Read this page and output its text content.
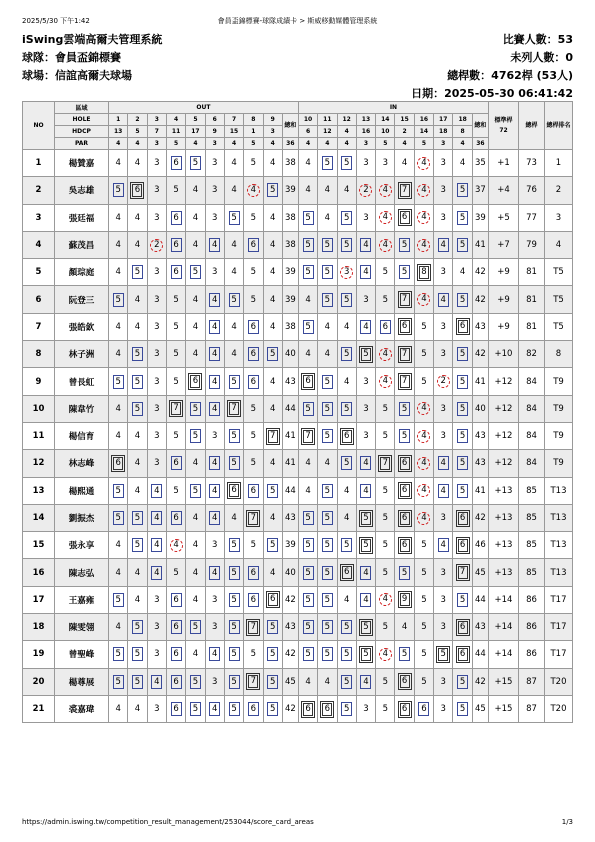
2025/5/30 下午1:42	會員盃錦標賽-球隊成績卡 > 斯威移動媒體管理系統
iSwing雲端高爾夫管理系統
球隊：會員盃錦標賽
球場：信誼高爾夫球場
比賽人數：53
未列人數：0
總桿數：4762桿 (53人)
日期：2025-05-30 06:41:42
NO	區域	OUT										IN										標準桿
72	總桿	總桿排名

	HOLE	1	2	3	4	5	6	7	8	9	總和	10	11	12	13	14	15	16	17	18	總和			

	HDCP	13	5	7	11	17	9	15	1	3		6	12	4	16	10	2	14	18	8				
	PAR	4	4	3	5	4	3	4	5	4	36	4	4	4	3	5	4	5	3	4	36			
1	楊贊嘉	4	4	3	6	5	3	4	5	4	38	4	5	5	3	3	4	4	3	4	35	+1	73	1
2	吳志雄	5	6	3	5	4	3	4	4	5	39	4	4	4	2	4	7	4	3	5	37	+4	76	2
3	張廷福	4	4	3	6	4	3	5	5	4	38	5	4	5	3	4	6	4	3	5	39	+5	77	3
4	蘇茂昌	4	4	2	6	4	4	4	6	4	38	5	5	5	4	4	5	4	4	5	41	+7	79	4
5	顏琮庭	4	5	3	6	5	3	4	5	4	39	5	5	3	4	5	5	8	3	4	42	+9	81	T5
6	阮登三	5	4	3	5	4	4	5	5	4	39	4	5	5	3	5	7	4	4	5	42	+9	81	T5
7	張皓欽	4	4	3	5	4	4	4	6	4	38	5	4	4	4	6	6	5	3	6	43	+9	81	T5
8	林子洲	4	5	3	5	4	4	4	6	5	40	4	4	5	5	4	7	5	3	5	42	+10	82	8
9	曾長虹	5	5	3	5	6	4	5	6	4	43	6	5	4	3	4	7	5	2	5	41	+12	84	T9
10	陳韋竹	4	5	3	7	5	4	7	5	4	44	5	5	5	3	5	5	4	3	5	40	+12	84	T9
11	楊信育	4	4	3	5	5	3	5	5	7	41	7	5	6	3	5	5	4	3	5	43	+12	84	T9
12	林志峰	6	4	3	6	4	4	5	5	4	41	4	4	5	4	7	6	4	4	5	43	+12	84	T9
13	楊熙通	5	4	4	5	5	4	6	6	5	44	4	5	4	4	5	6	4	4	5	41	+13	85	T13
14	劉振杰	5	5	4	6	4	4	4	7	4	43	5	5	4	5	5	6	4	3	6	42	+13	85	T13
15	張永享	4	5	4	4	4	3	5	5	5	39	5	5	5	5	5	6	5	4	6	46	+13	85	T13
16	陳志弘	4	4	4	5	4	4	5	6	4	40	5	5	6	4	5	5	5	3	7	45	+13	85	T13
17	王嘉雍	5	4	3	6	4	3	5	6	6	42	5	5	4	4	4	9	5	3	5	44	+14	86	T17
18	陳雯翎	4	5	3	6	5	3	5	7	5	43	5	5	5	5	5	4	5	3	6	43	+14	86	T17
19	曾聖峰	5	5	3	6	4	4	5	5	5	42	5	5	5	5	4	5	5	5	6	44	+14	86	T17
20	楊尊展	5	5	4	6	5	3	5	7	5	45	4	4	5	4	5	6	5	3	5	42	+15	87	T20
21	裘嘉瑋	4	4	3	6	5	4	5	6	5	42	6	6	5	3	5	6	6	3	5	45	+15	87	T20
https://admin.iswing.tw/competition_result_management/253044/score_card_areas	1/3
